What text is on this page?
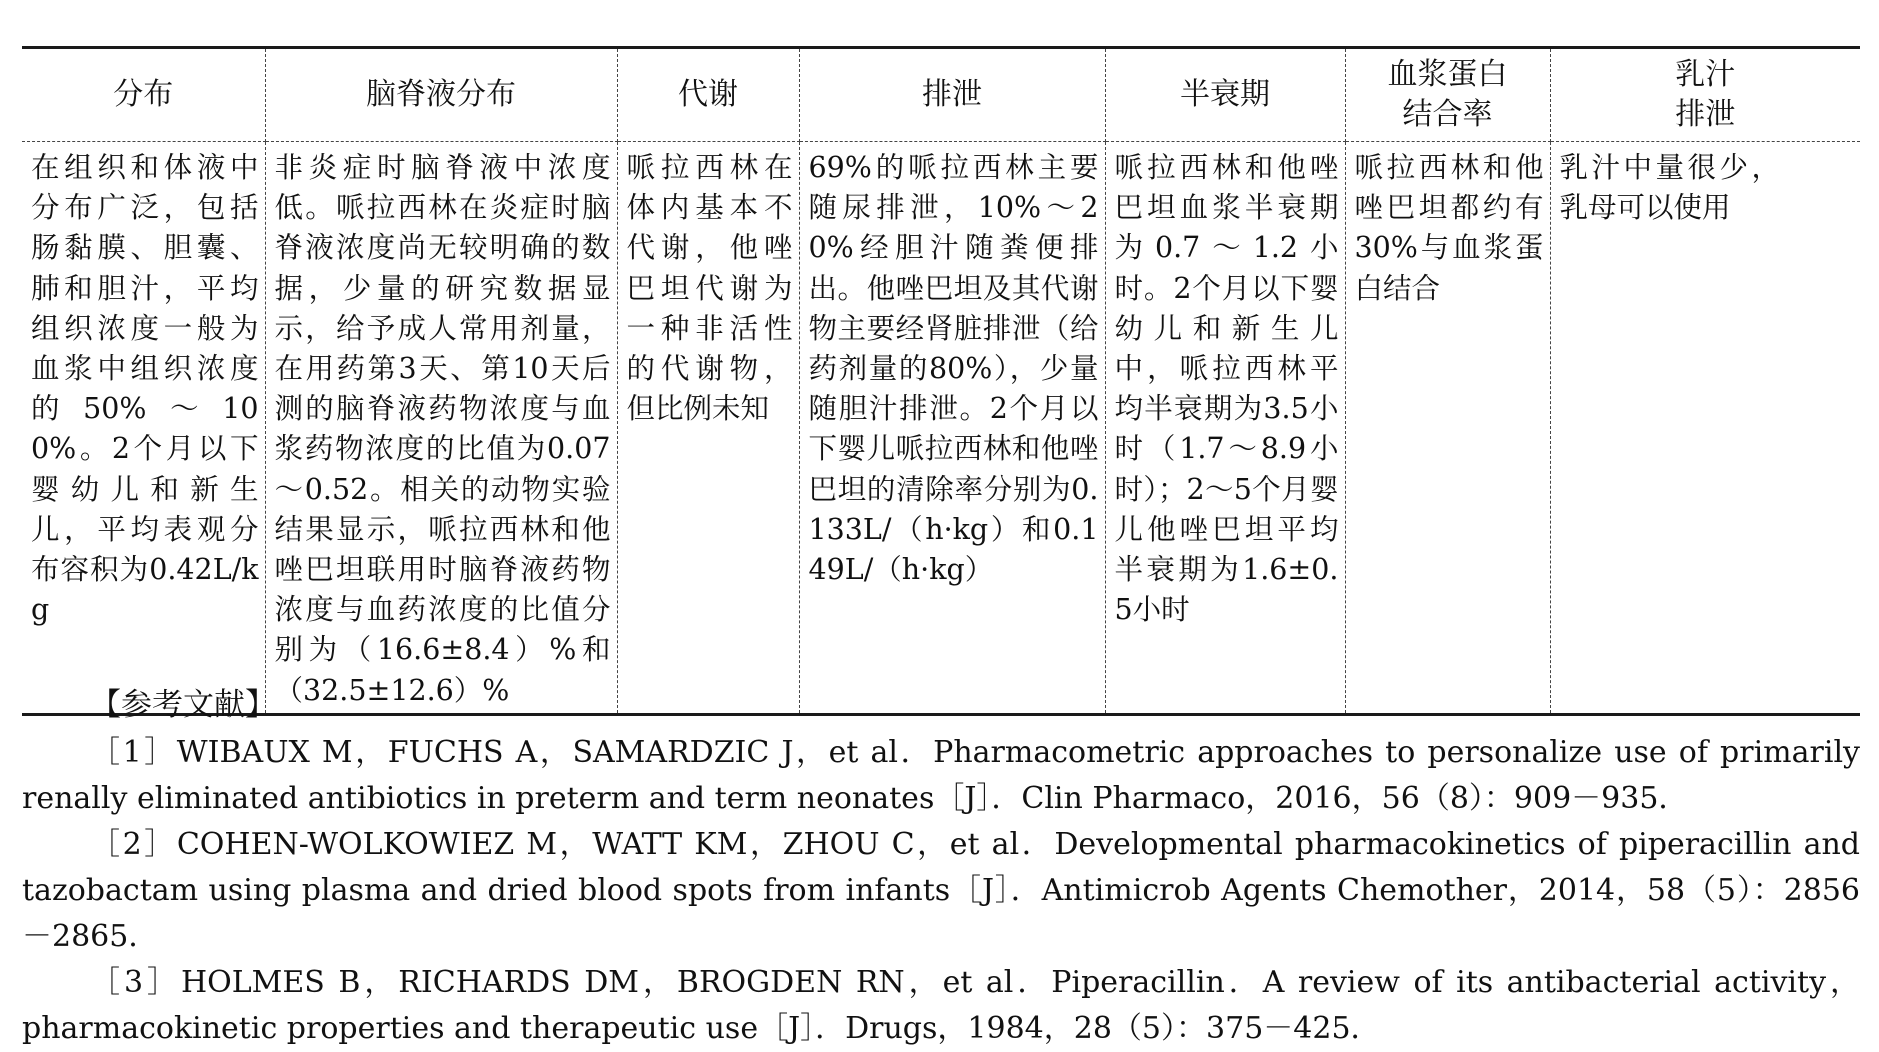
分布	脑脊液分布	代谢	排泄	半衰期	血浆蛋白结合率	乳汁排泄
在组织和体液中分布广泛，包括肠黏膜、胆囊、肺和胆汁，平均组织浓度一般为血浆中组织浓度的50%～100%。2个月以下婴幼儿和新生儿，平均表观分布容积为0.42L/kg	非炎症时脑脊液中浓度低。哌拉西林在炎症时脑脊液浓度尚无较明确的数据，少量的研究数据显示，给予成人常用剂量，在用药第3天、第10天后测的脑脊液药物浓度与血浆药物浓度的比值为0.07～0.52。相关的动物实验结果显示，哌拉西林和他唑巴坦联用时脑脊液药物浓度与血药浓度的比值分别为（16.6±8.4）%和（32.5±12.6）%	哌拉西林在体内基本不代谢，他唑巴坦代谢为一种非活性的代谢物，但比例未知	69%的哌拉西林主要随尿排泄，10%～20%经胆汁随粪便排出。他唑巴坦及其代谢物主要经肾脏排泄（给药剂量的80%），少量随胆汁排泄。2个月以下婴儿哌拉西林和他唑巴坦的清除率分别为0.133L/（h·kg）和0.149L/（h·kg）	哌拉西林和他唑巴坦血浆半衰期为0.7～1.2小时。2个月以下婴幼儿和新生儿中，哌拉西林平均半衰期为3.5小时（1.7～8.9小时）；2～5个月婴儿他唑巴坦平均半衰期为1.6±0.5小时	哌拉西林和他唑巴坦都约有30%与血浆蛋白结合	乳汁中量很少，乳母可以使用
【参考文献】

［1］WIBAUX M，FUCHS A，SAMARDZIC J，et al．Pharmacometric approaches to personalize use of primarily renally eliminated antibiotics in preterm and term neonates［J］．Clin Pharmaco，2016，56（8）：909－935．

［2］COHEN-WOLKOWIEZ M，WATT KM，ZHOU C，et al．Developmental pharmacokinetics of piperacillin and tazobactam using plasma and dried blood spots from infants［J］．Antimicrob Agents Chemother，2014，58（5）：2856－2865．

［3］HOLMES B，RICHARDS DM，BROGDEN RN，et al．Piperacillin．A review of its antibacterial activity，pharmacokinetic properties and therapeutic use［J］．Drugs，1984，28（5）：375－425．
